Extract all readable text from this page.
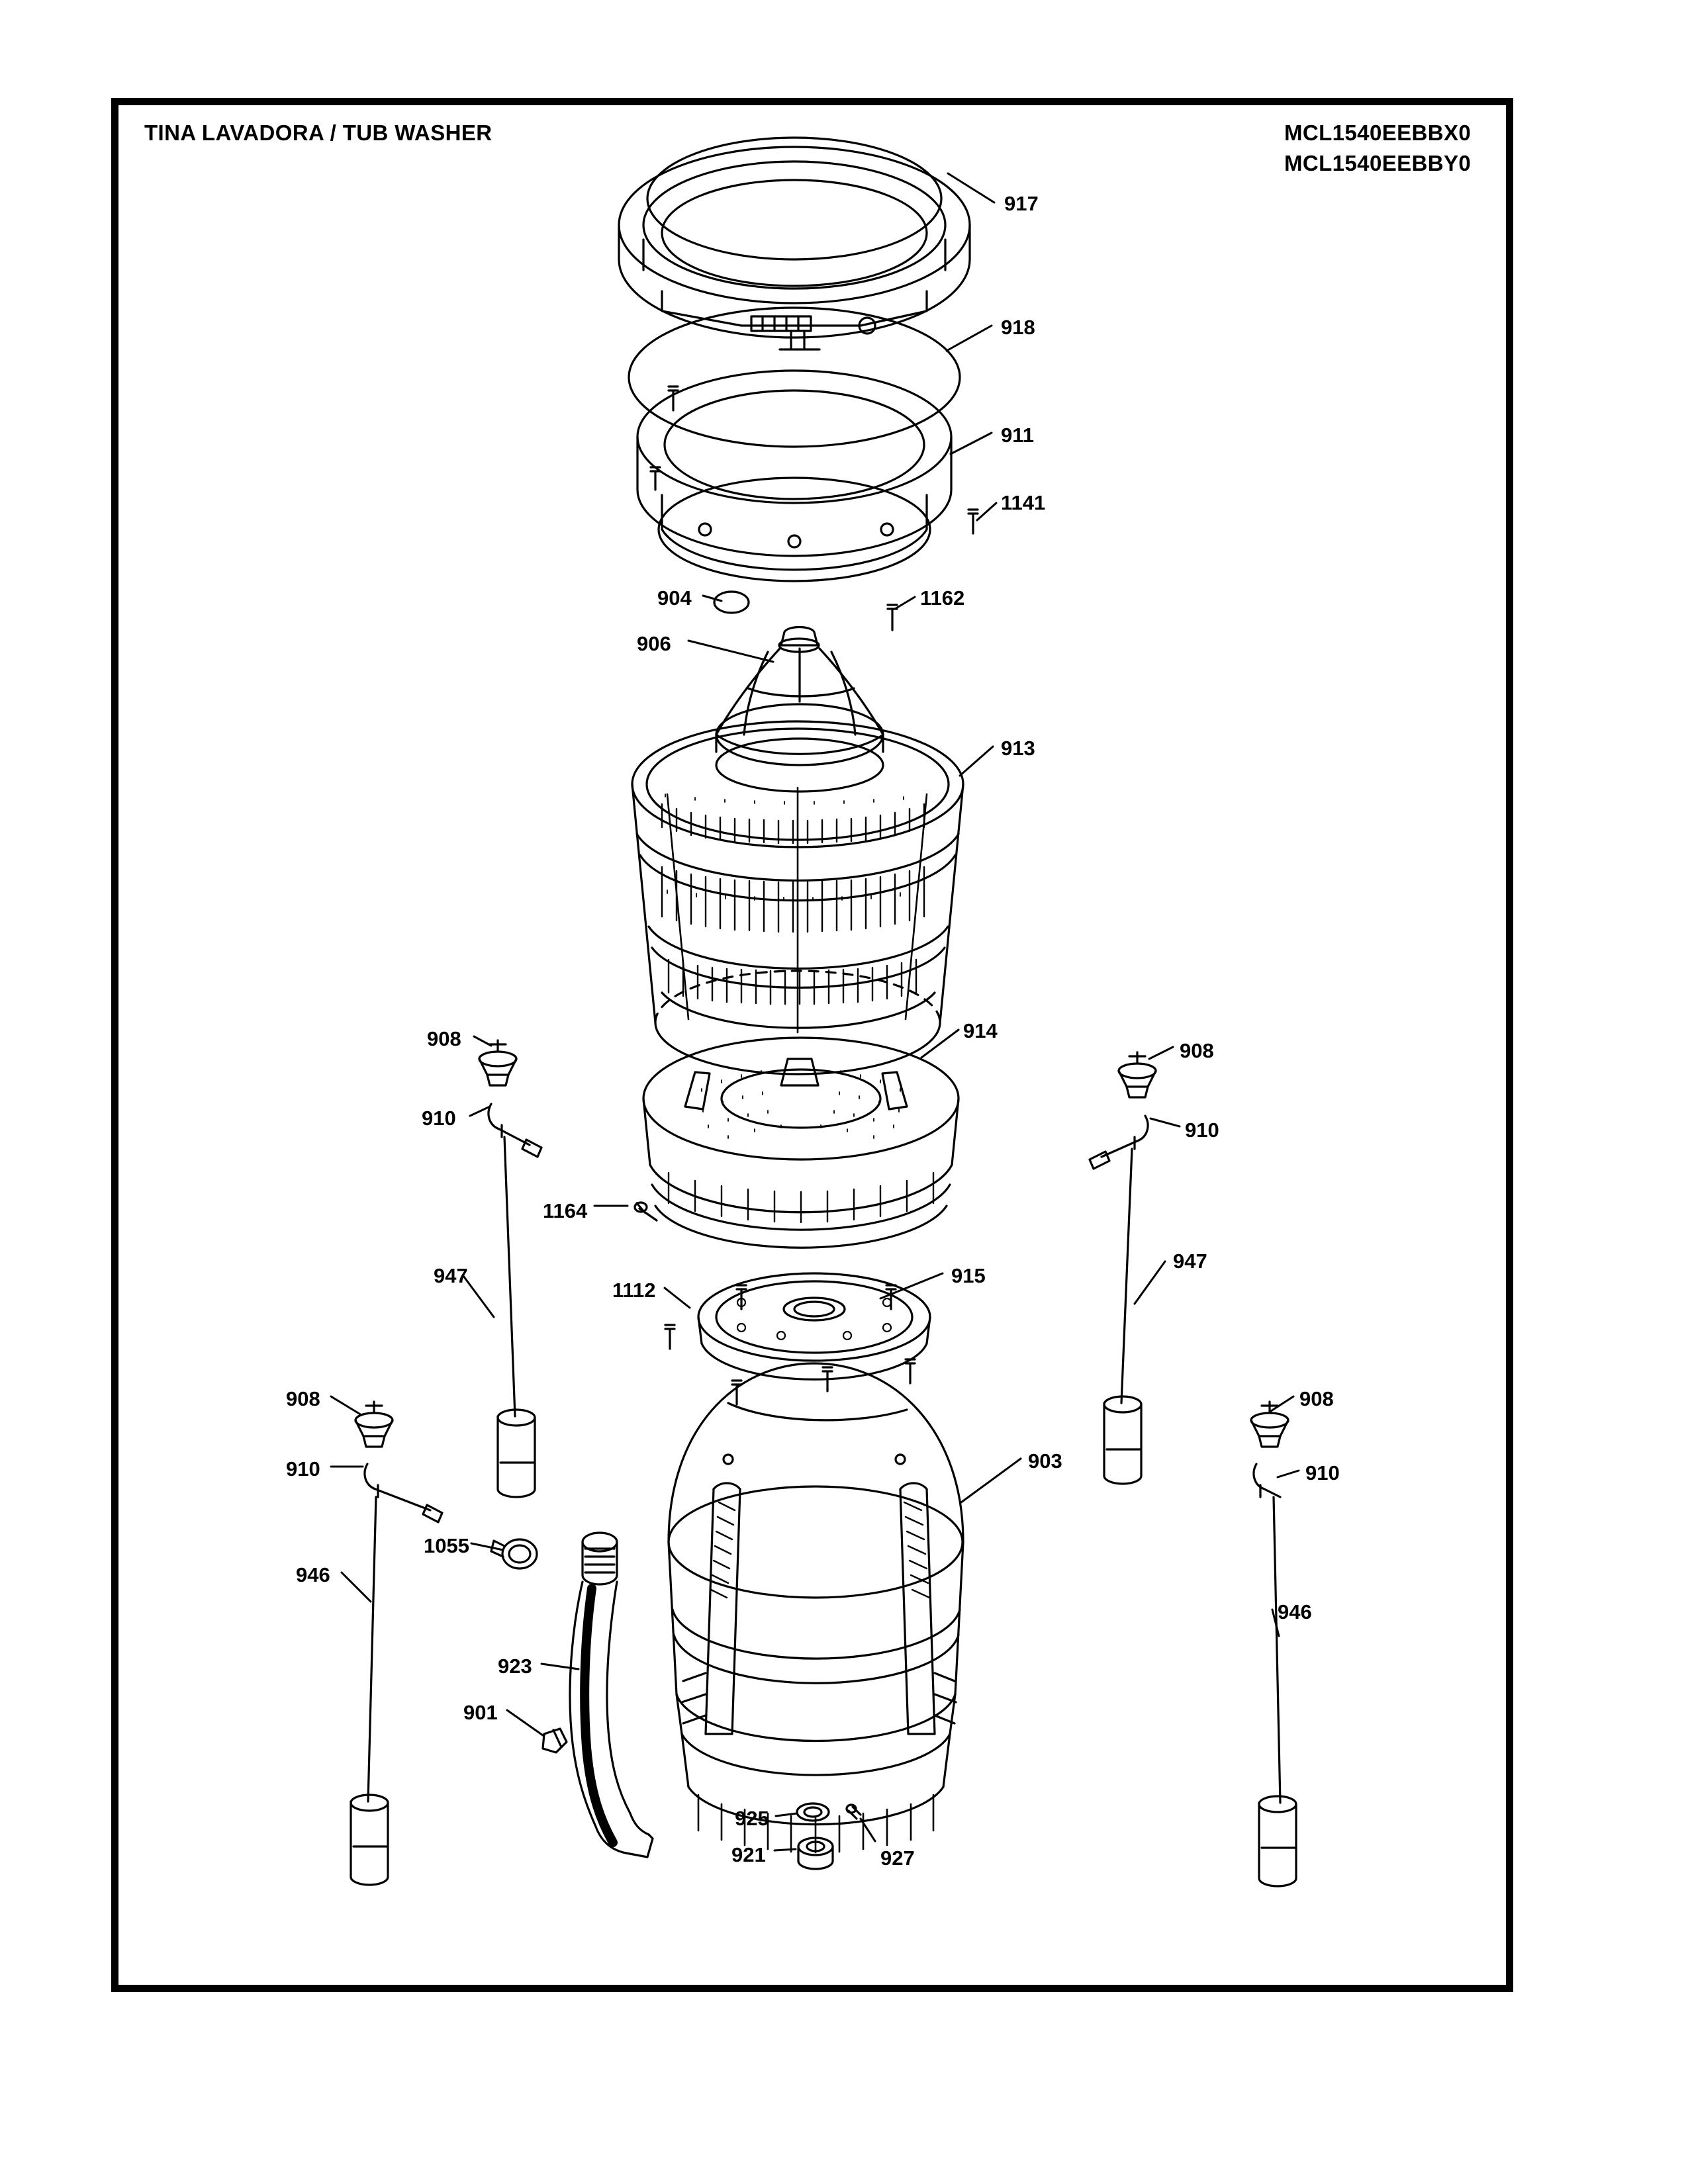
TINA LAVADORA / TUB WASHER	MCL1540EEBBX0
MCL1540EEBBY0
917
918
911
1141
904	1162
906
913
908	914
908
910
910
1164
947
1112
915
947
908	908
903
910	910
1055
946
946
923
901
925
921	927
